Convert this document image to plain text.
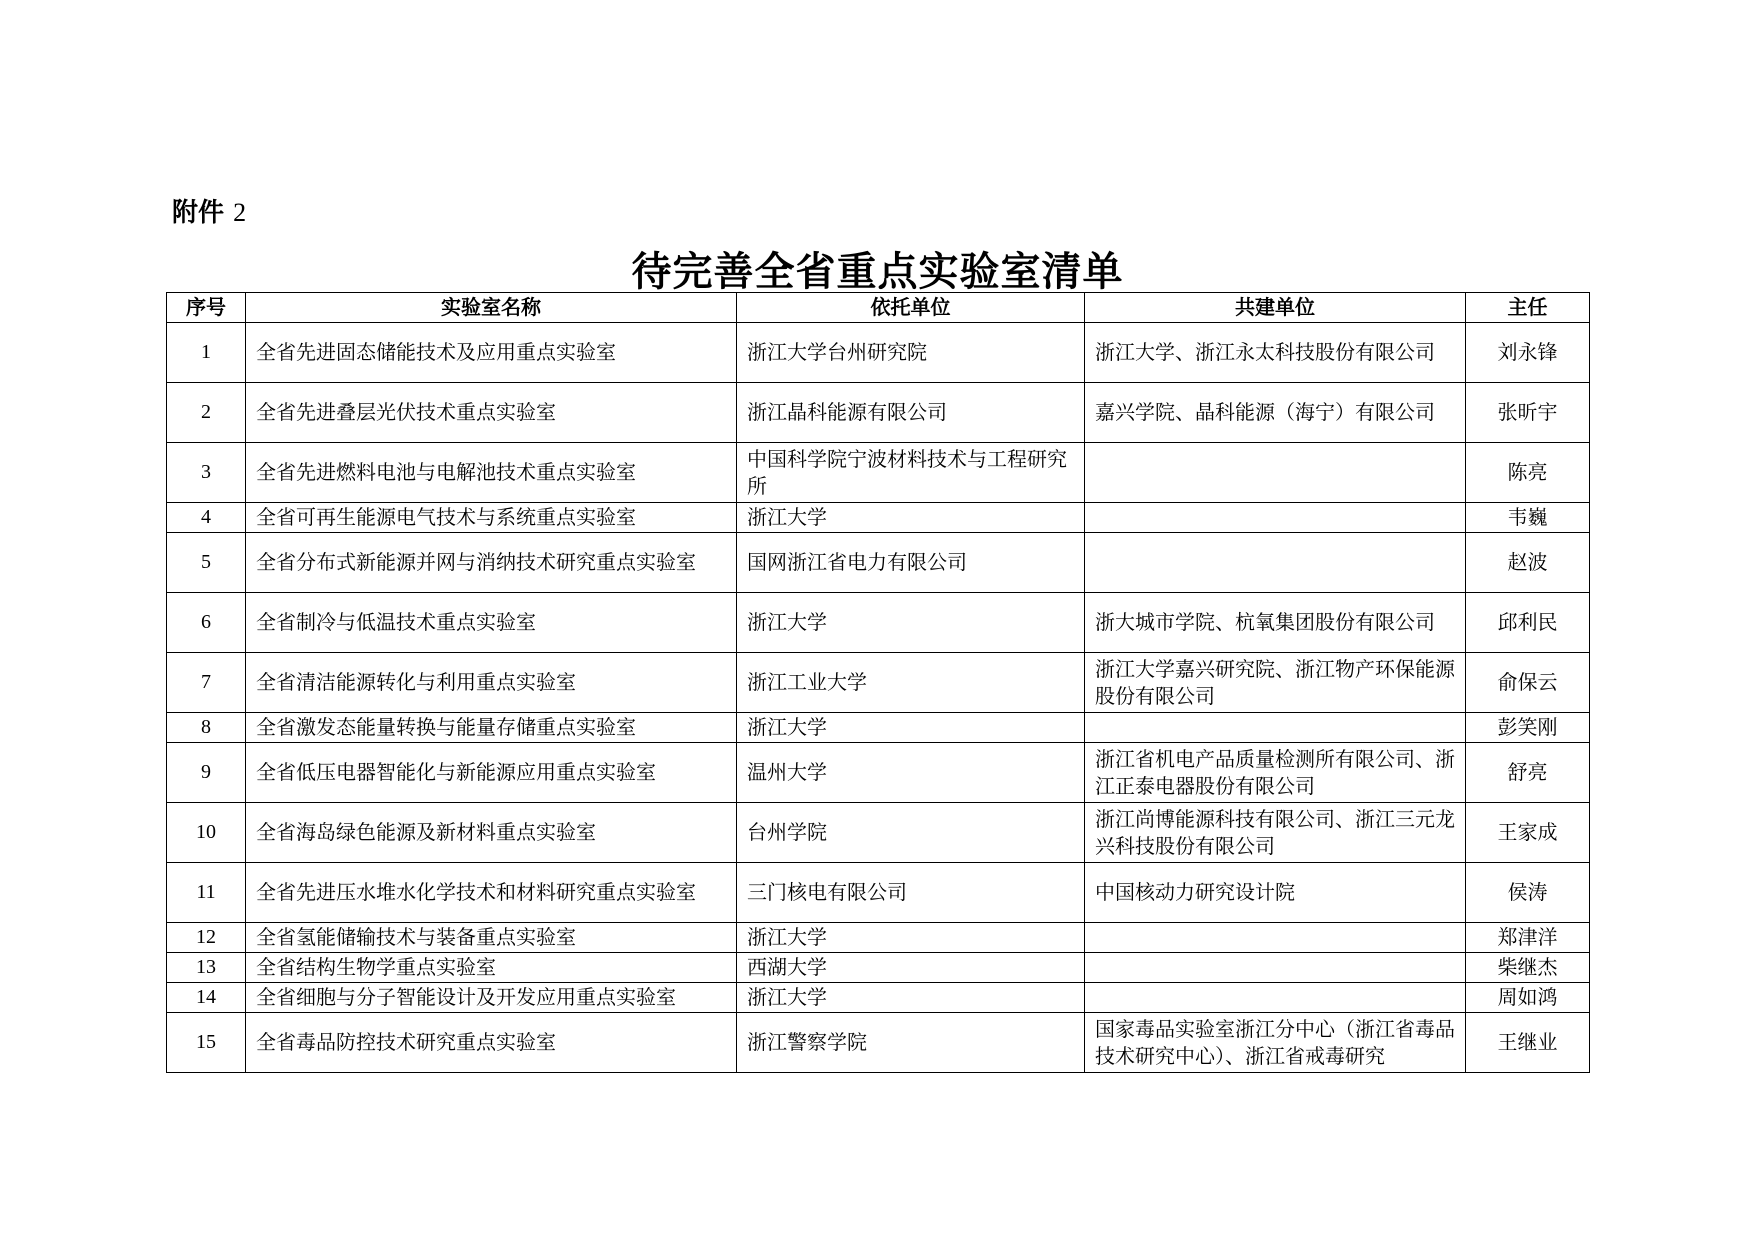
附件 2
待完善全省重点实验室清单
序号	实验室名称	依托单位	共建单位	主任
1	全省先进固态储能技术及应用重点实验室	浙江大学台州研究院	浙江大学、浙江永太科技股份有限公司	刘永锋
2	全省先进叠层光伏技术重点实验室	浙江晶科能源有限公司	嘉兴学院、晶科能源（海宁）有限公司	张昕宇
3	全省先进燃料电池与电解池技术重点实验室	中国科学院宁波材料技术与工程研究所		陈亮
4	全省可再生能源电气技术与系统重点实验室	浙江大学		韦巍
5	全省分布式新能源并网与消纳技术研究重点实验室	国网浙江省电力有限公司		赵波
6	全省制冷与低温技术重点实验室	浙江大学	浙大城市学院、杭氧集团股份有限公司	邱利民
7	全省清洁能源转化与利用重点实验室	浙江工业大学	浙江大学嘉兴研究院、浙江物产环保能源股份有限公司	俞保云
8	全省激发态能量转换与能量存储重点实验室	浙江大学		彭笑刚
9	全省低压电器智能化与新能源应用重点实验室	温州大学	浙江省机电产品质量检测所有限公司、浙江正泰电器股份有限公司	舒亮
10	全省海岛绿色能源及新材料重点实验室	台州学院	浙江尚博能源科技有限公司、浙江三元龙兴科技股份有限公司	王家成
11	全省先进压水堆水化学技术和材料研究重点实验室	三门核电有限公司	中国核动力研究设计院	侯涛
12	全省氢能储输技术与装备重点实验室	浙江大学		郑津洋
13	全省结构生物学重点实验室	西湖大学		柴继杰
14	全省细胞与分子智能设计及开发应用重点实验室	浙江大学		周如鸿
15	全省毒品防控技术研究重点实验室	浙江警察学院	国家毒品实验室浙江分中心（浙江省毒品技术研究中心）、浙江省戒毒研究	王继业
